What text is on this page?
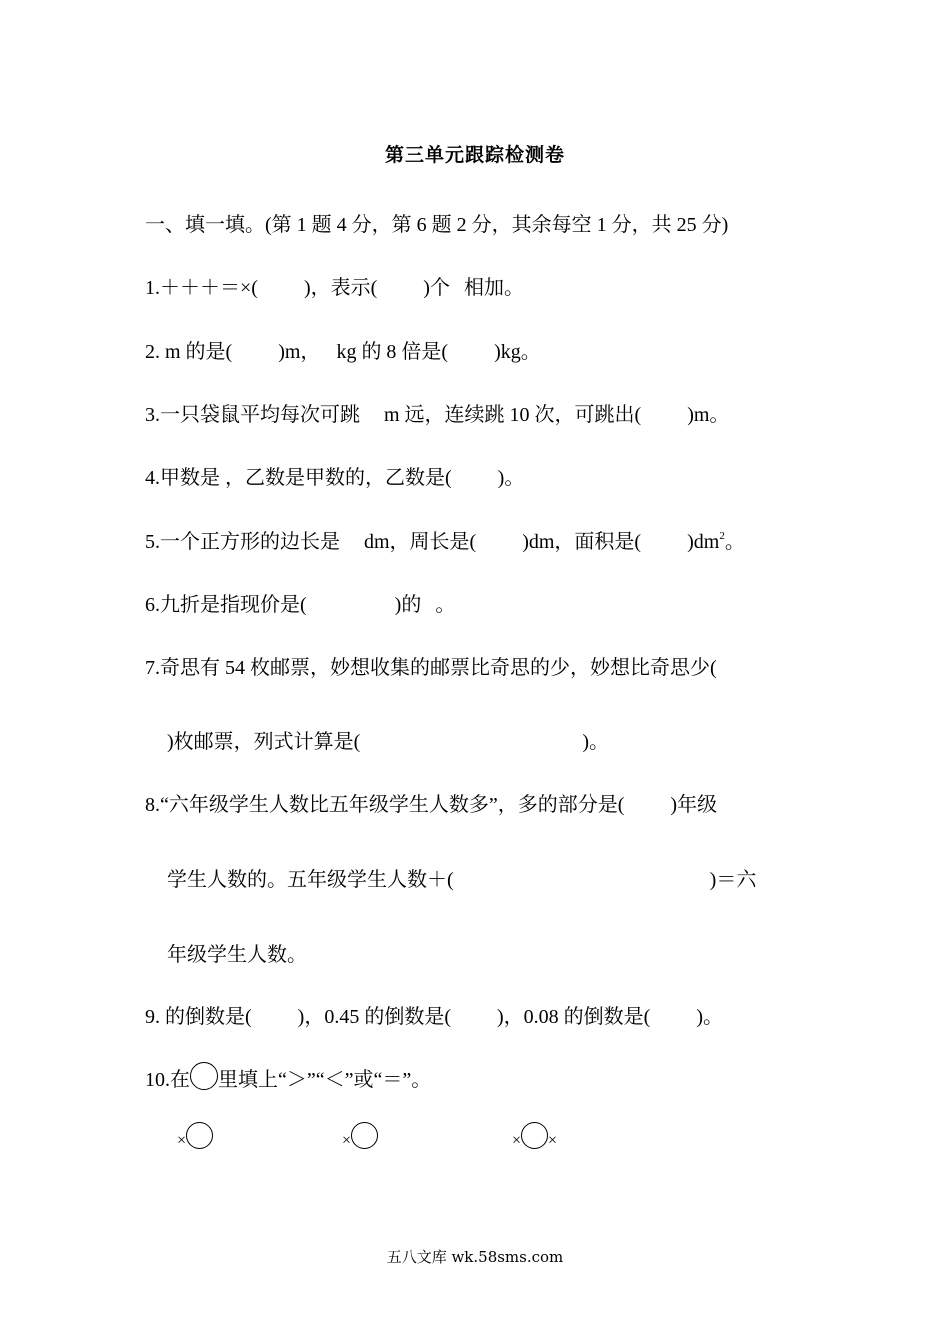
第三单元跟踪检测卷
一、填一填。(第 1 题 4 分，第 6 题 2 分，其余每空 1 分，共 25 分)
1.＋＋＋＝×( )，表示( )个 相加。
2. m 的是( )m， kg 的 8 倍是( )kg。
3.一只袋鼠平均每次可跳 m 远，连续跳 10 次，可跳出( )m。
4.甲数是 ，乙数是甲数的，乙数是( )。
5.一个正方形的边长是 dm，周长是( )dm，面积是( )$dm^2$。
6.九折是指现价是(	)的 。
7.奇思有 54 枚邮票，妙想收集的邮票比奇思的少，妙想比奇思少(
)枚邮票，列式计算是(	)。
8.“六年级学生人数比五年级学生人数多”，多的部分是( )年级
学生人数的。五年级学生人数＋(	)＝六
年级学生人数。
9. 的倒数是( )，0.45 的倒数是( )，0.08 的倒数是( )。
10.在 里填上“＞”“＜”或“＝”。
×	×	× ×
五八文库 wk.58sms.com
